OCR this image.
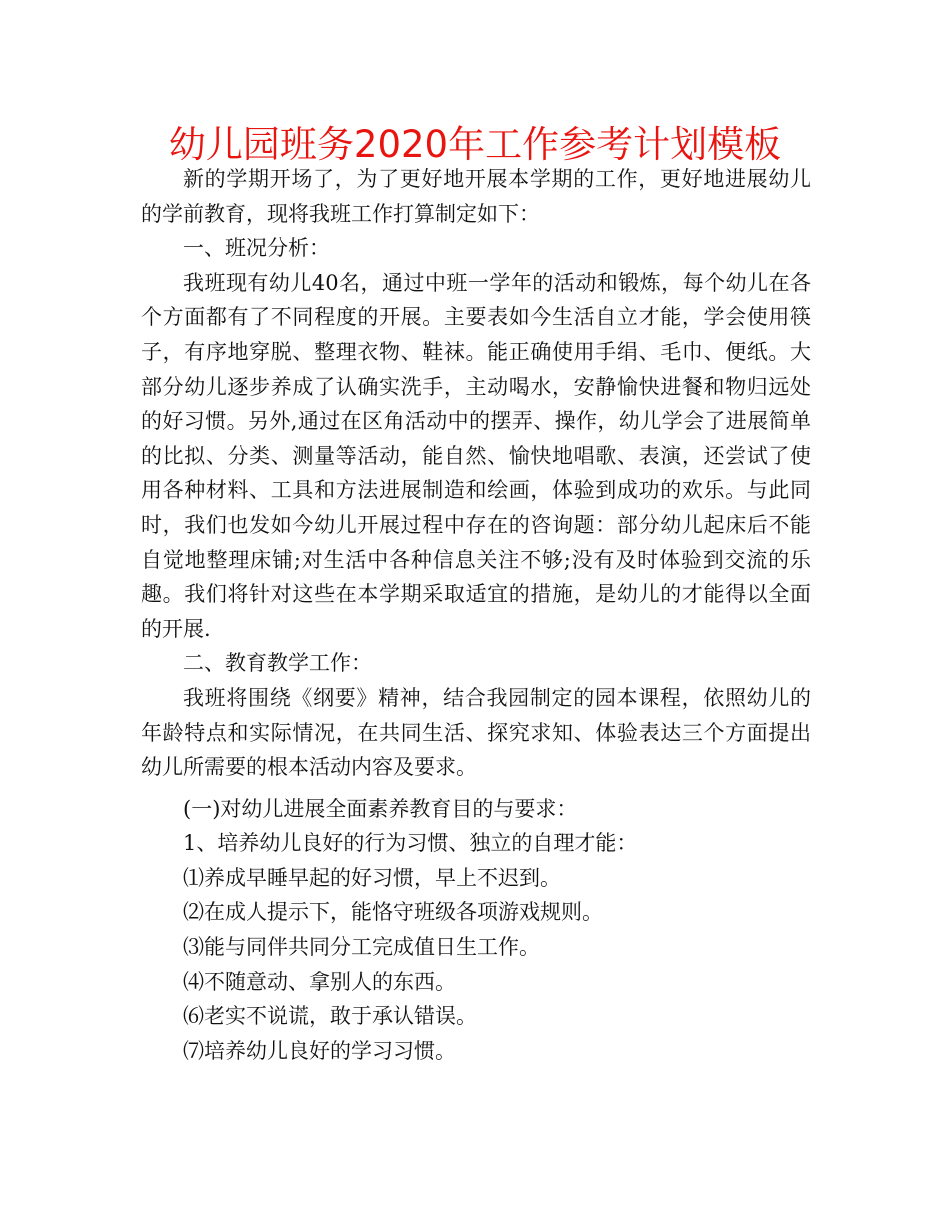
幼儿园班务2020年工作参考计划模板

新的学期开场了，为了更好地开展本学期的工作，更好地进展幼儿的学前教育，现将我班工作打算制定如下：

一、班况分析：

我班现有幼儿40名，通过中班一学年的活动和锻炼，每个幼儿在各个方面都有了不同程度的开展。主要表如今生活自立才能，学会使用筷子，有序地穿脱、整理衣物、鞋袜。能正确使用手绢、毛巾、便纸。大部分幼儿逐步养成了认确实洗手，主动喝水，安静愉快进餐和物归远处的好习惯。另外,通过在区角活动中的摆弄、操作，幼儿学会了进展简单的比拟、分类、测量等活动，能自然、愉快地唱歌、表演，还尝试了使用各种材料、工具和方法进展制造和绘画，体验到成功的欢乐。与此同时，我们也发如今幼儿开展过程中存在的咨询题：部分幼儿起床后不能自觉地整理床铺;对生活中各种信息关注不够;没有及时体验到交流的乐趣。我们将针对这些在本学期采取适宜的措施，是幼儿的才能得以全面的开展.

二、教育教学工作：

我班将围绕《纲要》精神，结合我园制定的园本课程，依照幼儿的年龄特点和实际情况，在共同生活、探究求知、体验表达三个方面提出幼儿所需要的根本活动内容及要求。

(一)对幼儿进展全面素养教育目的与要求：

1、培养幼儿良好的行为习惯、独立的自理才能：

⑴养成早睡早起的好习惯，早上不迟到。

⑵在成人提示下，能恪守班级各项游戏规则。

⑶能与同伴共同分工完成值日生工作。

⑷不随意动、拿别人的东西。

⑹老实不说谎，敢于承认错误。

⑺培养幼儿良好的学习习惯。
